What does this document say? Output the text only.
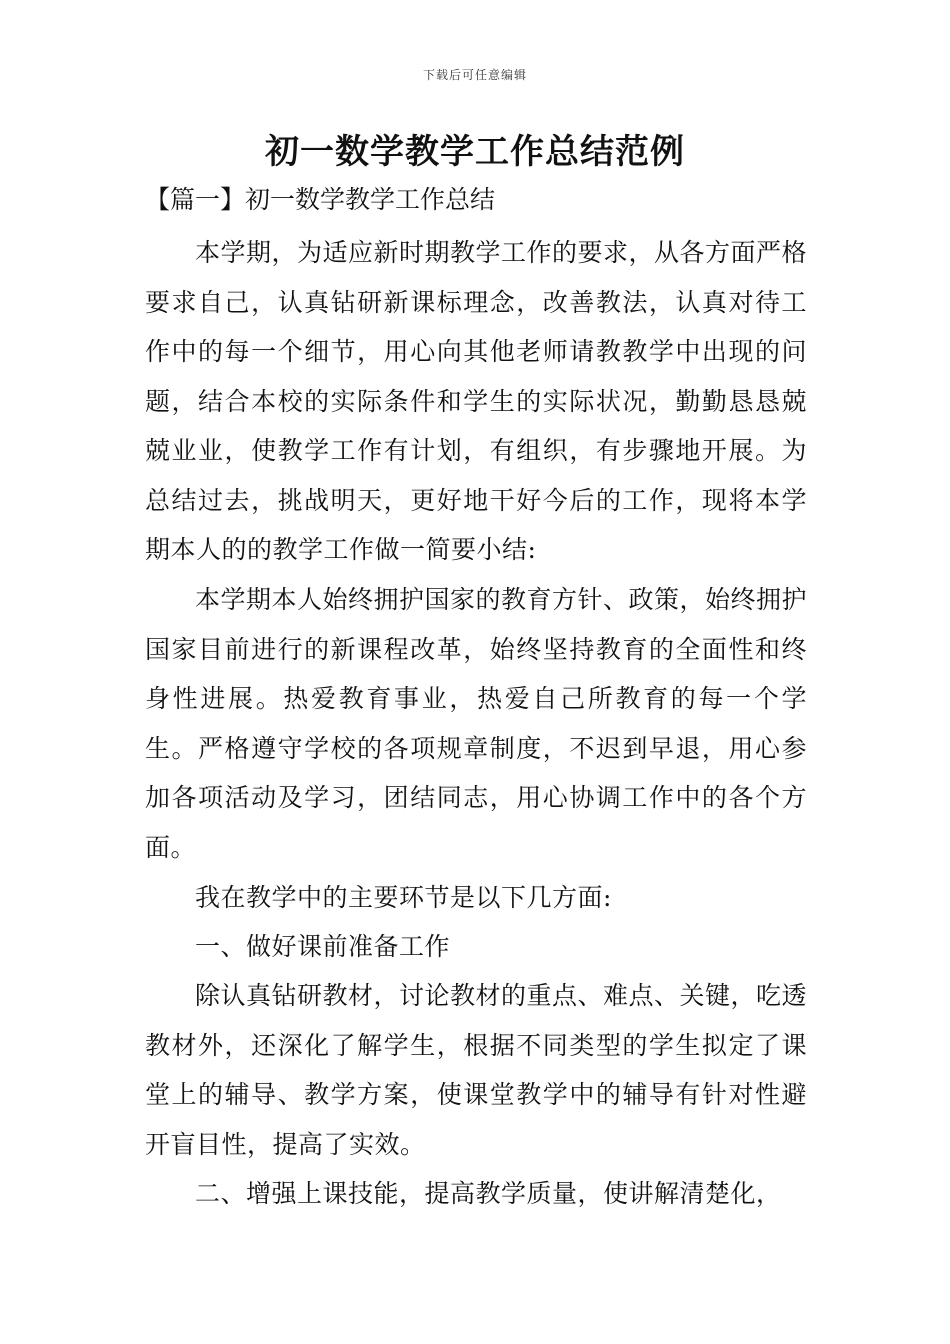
下载后可任意编辑
初一数学教学工作总结范例
【篇一】初一数学教学工作总结

本学期，为适应新时期教学工作的要求，从各方面严格要求自己，认真钻研新课标理念，改善教法，认真对待工作中的每一个细节，用心向其他老师请教教学中出现的问题，结合本校的实际条件和学生的实际状况，勤勤恳恳兢兢业业，使教学工作有计划，有组织，有步骤地开展。为总结过去，挑战明天，更好地干好今后的工作，现将本学期本人的的教学工作做一简要小结:

本学期本人始终拥护国家的教育方针、政策，始终拥护国家目前进行的新课程改革，始终坚持教育的全面性和终身性进展。热爱教育事业，热爱自己所教育的每一个学生。严格遵守学校的各项规章制度，不迟到早退，用心参加各项活动及学习，团结同志，用心协调工作中的各个方面。

我在教学中的主要环节是以下几方面:

一、做好课前准备工作

除认真钻研教材，讨论教材的重点、难点、关键，吃透教材外，还深化了解学生，根据不同类型的学生拟定了课堂上的辅导、教学方案，使课堂教学中的辅导有针对性避开盲目性，提高了实效。

二、增强上课技能，提高教学质量，使讲解清楚化，
